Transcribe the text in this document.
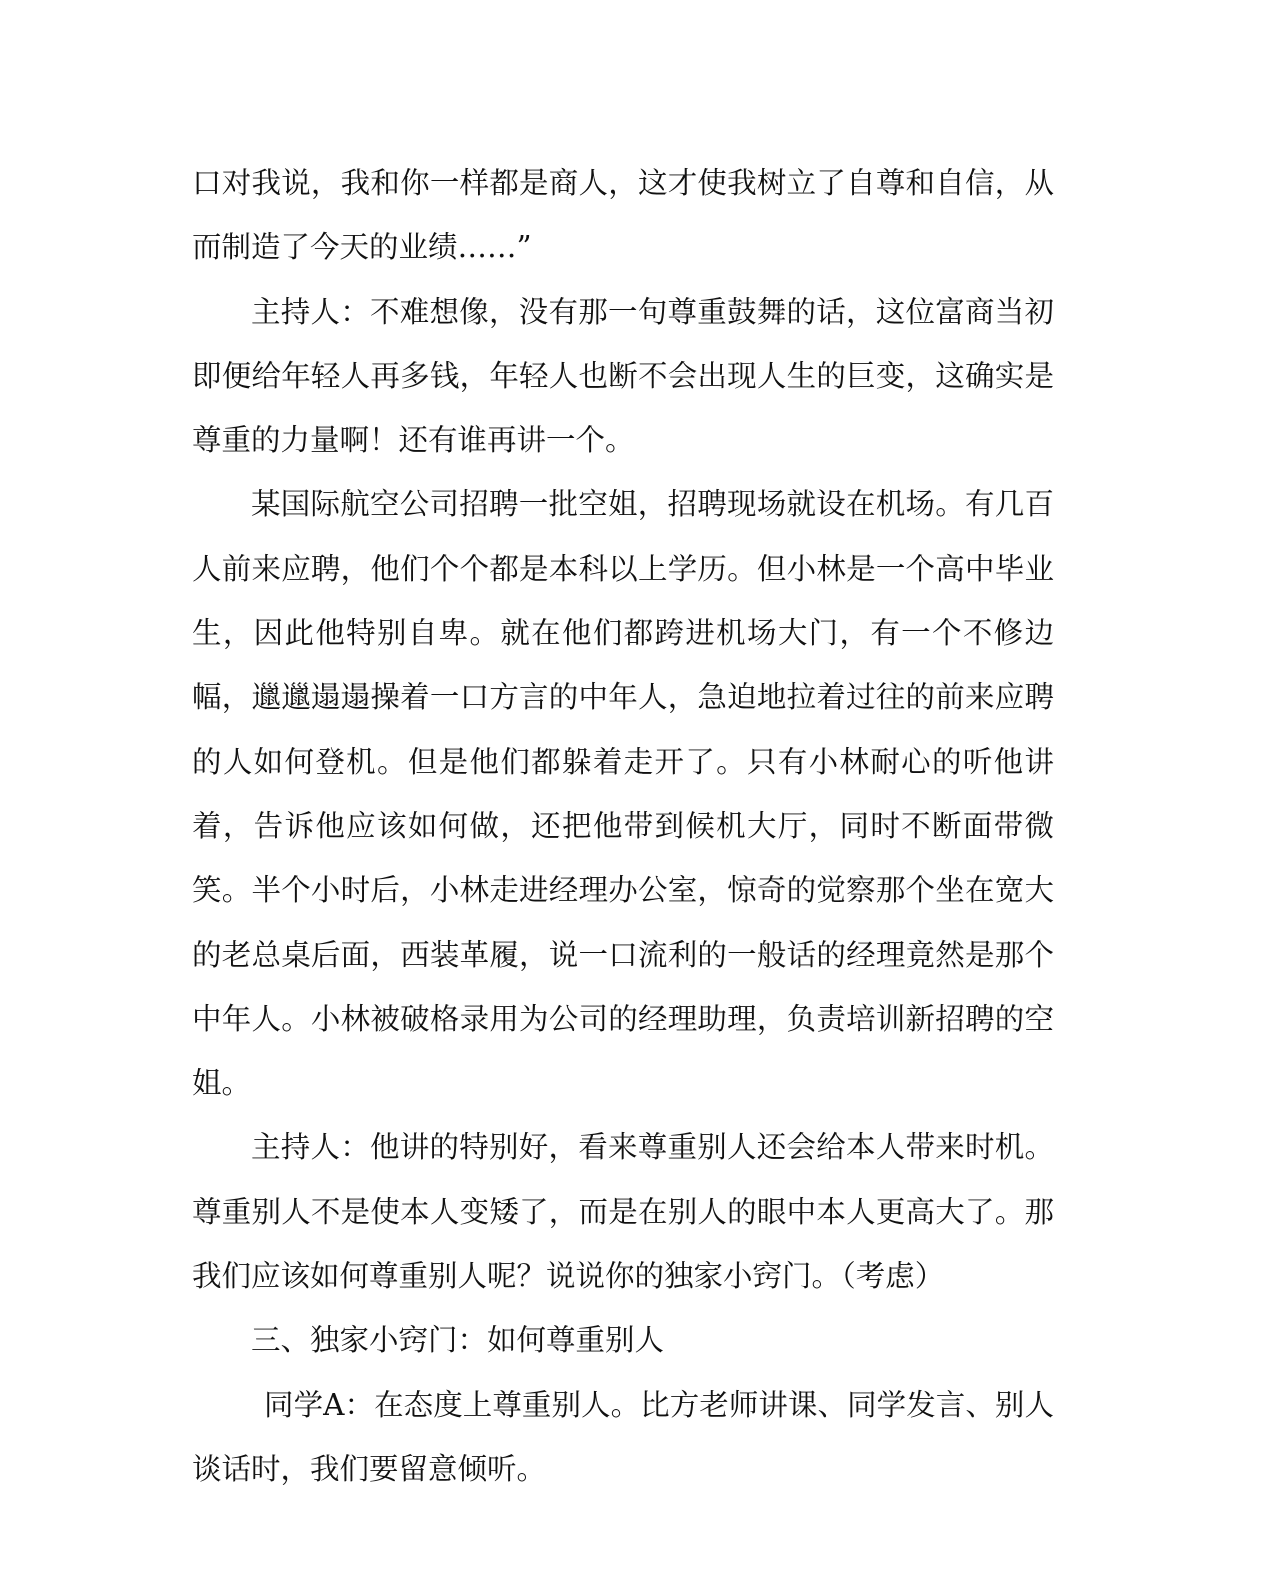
口对我说，我和你一样都是商人，这才使我树立了自尊和自信，从而制造了今天的业绩……”

主持人：不难想像，没有那一句尊重鼓舞的话，这位富商当初即便给年轻人再多钱，年轻人也断不会出现人生的巨变，这确实是尊重的力量啊！还有谁再讲一个。

某国际航空公司招聘一批空姐，招聘现场就设在机场。有几百人前来应聘，他们个个都是本科以上学历。但小林是一个高中毕业生，因此他特别自卑。就在他们都跨进机场大门，有一个不修边幅，邋邋遢遢操着一口方言的中年人，急迫地拉着过往的前来应聘的人如何登机。但是他们都躲着走开了。只有小林耐心的听他讲着，告诉他应该如何做，还把他带到候机大厅，同时不断面带微笑。半个小时后，小林走进经理办公室，惊奇的觉察那个坐在宽大的老总桌后面，西装革履，说一口流利的一般话的经理竟然是那个中年人。小林被破格录用为公司的经理助理，负责培训新招聘的空姐。

主持人：他讲的特别好，看来尊重别人还会给本人带来时机。尊重别人不是使本人变矮了，而是在别人的眼中本人更高大了。那我们应该如何尊重别人呢？说说你的独家小窍门。（考虑）

三、独家小窍门：如何尊重别人

同学A：在态度上尊重别人。比方老师讲课、同学发言、别人谈话时，我们要留意倾听。
